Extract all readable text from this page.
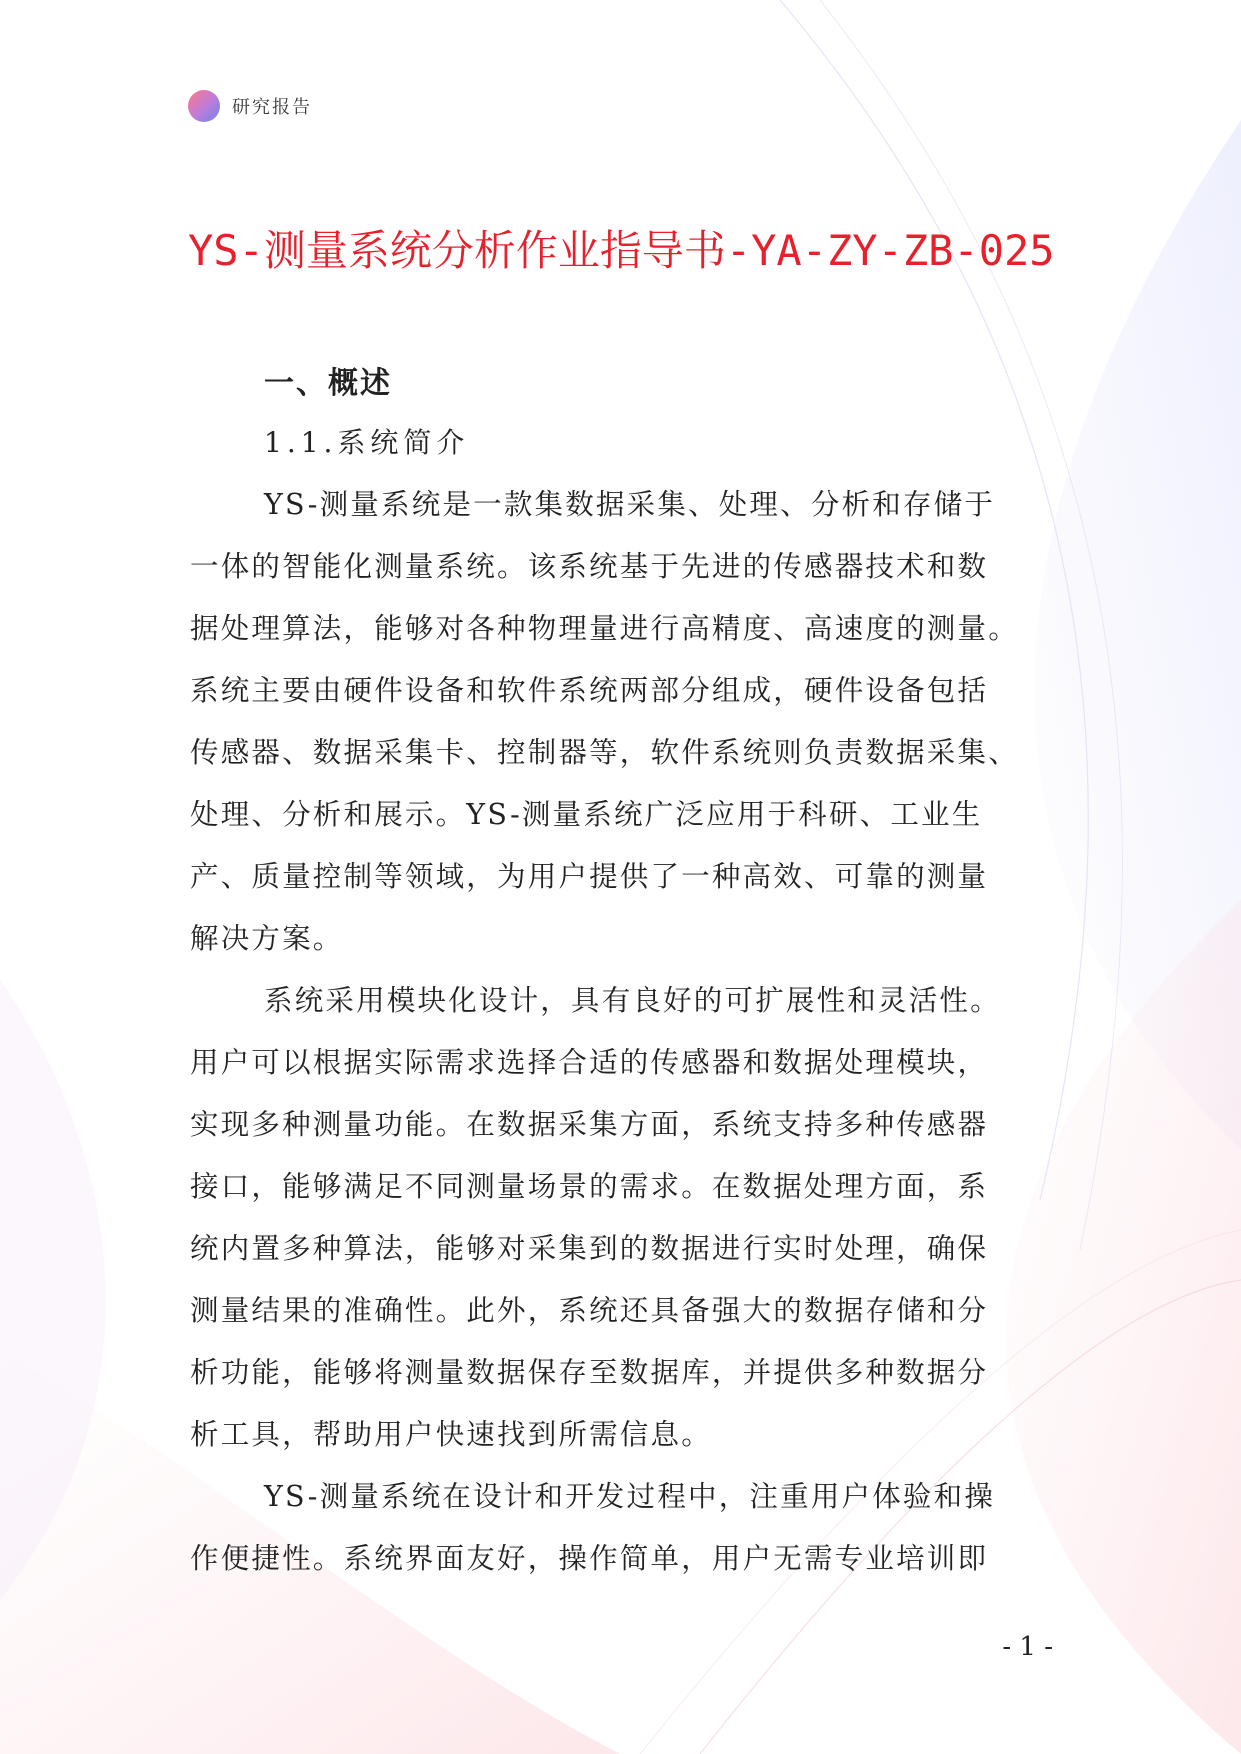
研究报告
YS-测量系统分析作业指导书-YA-ZY-ZB-025
一、概述
1.1.系统简介
YS-测量系统是一款集数据采集、处理、分析和存储于
一体的智能化测量系统。该系统基于先进的传感器技术和数
据处理算法，能够对各种物理量进行高精度、高速度的测量。
系统主要由硬件设备和软件系统两部分组成，硬件设备包括
传感器、数据采集卡、控制器等，软件系统则负责数据采集、
处理、分析和展示。YS-测量系统广泛应用于科研、工业生
产、质量控制等领域，为用户提供了一种高效、可靠的测量
解决方案。
系统采用模块化设计，具有良好的可扩展性和灵活性。
用户可以根据实际需求选择合适的传感器和数据处理模块，
实现多种测量功能。在数据采集方面，系统支持多种传感器
接口，能够满足不同测量场景的需求。在数据处理方面，系
统内置多种算法，能够对采集到的数据进行实时处理，确保
测量结果的准确性。此外，系统还具备强大的数据存储和分
析功能，能够将测量数据保存至数据库，并提供多种数据分
析工具，帮助用户快速找到所需信息。
YS-测量系统在设计和开发过程中，注重用户体验和操
作便捷性。系统界面友好，操作简单，用户无需专业培训即
- 1 -
